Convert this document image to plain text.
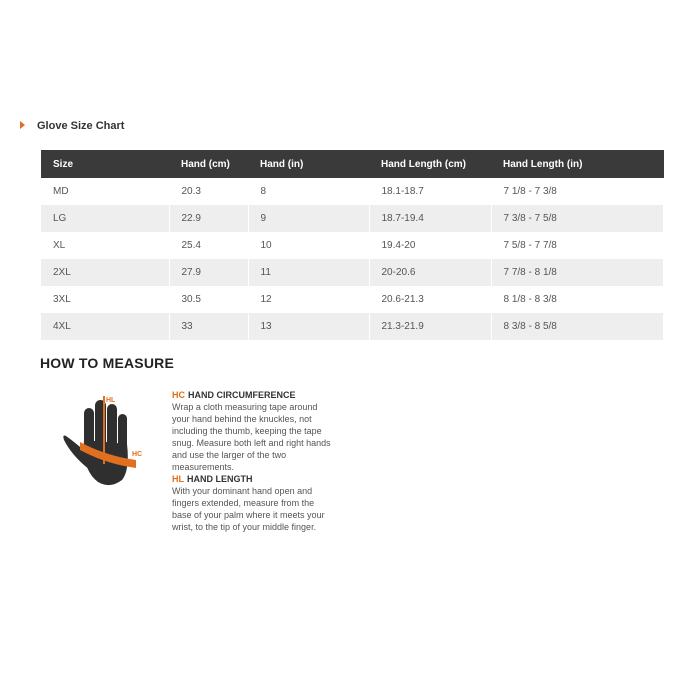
Glove Size Chart
Size	Hand (cm)	Hand (in)	Hand Length (cm)	Hand Length (in)
MD	20.3	8	18.1-18.7	7 1/8 - 7 3/8
LG	22.9	9	18.7-19.4	7 3/8 - 7 5/8
XL	25.4	10	19.4-20	7 5/8 - 7 7/8
2XL	27.9	11	20-20.6	7 7/8 - 8 1/8
3XL	30.5	12	20.6-21.3	8 1/8 - 8 3/8
4XL	33	13	21.3-21.9	8 3/8 - 8 5/8
HOW TO MEASURE
HL
HC
HC HAND CIRCUMFERENCE
Wrap a cloth measuring tape around your hand behind the knuckles, not including the thumb, keeping the tape snug. Measure both left and right hands and use the larger of the two measurements.
HL HAND LENGTH
With your dominant hand open and fingers extended, measure from the base of your palm where it meets your wrist, to the tip of your middle finger.
